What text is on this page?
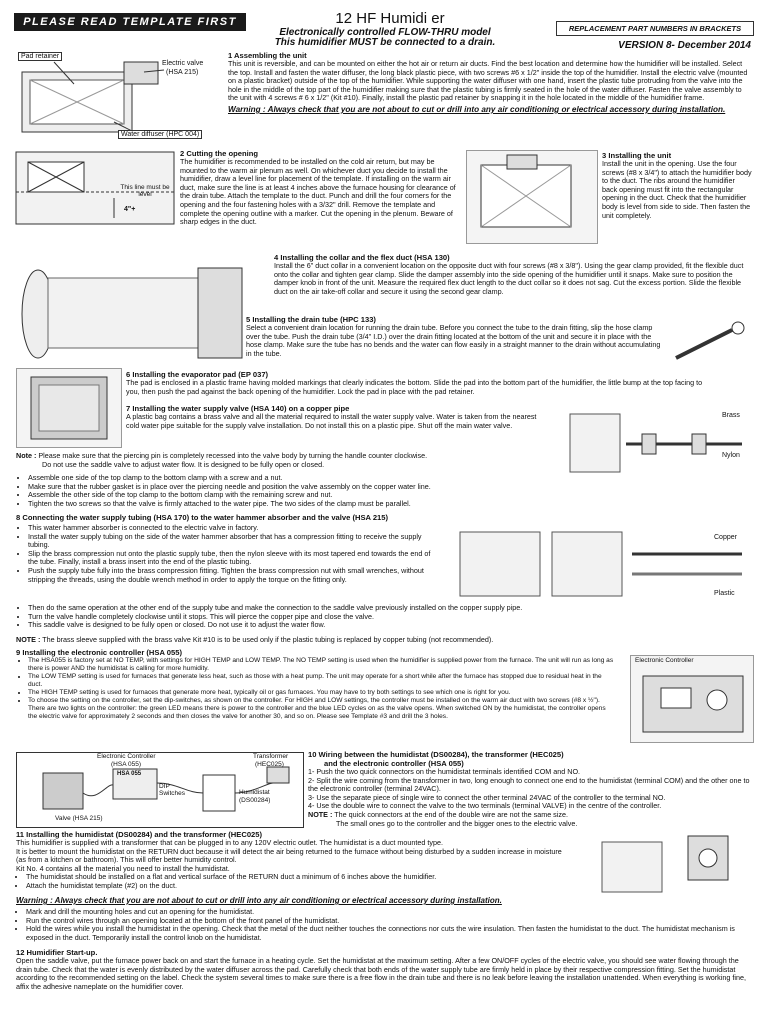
PLEASE READ TEMPLATE FIRST	12 HF Humidi er
Electronically controlled FLOW-THRU model
This humidifier MUST be connected to a drain.
REPLACEMENT PART NUMBERS IN BRACKETS
VERSION 8- December 2014
Pad retainer
Electric valve
(HSA 215)
Water diffuser (HPC 004)

1 Assembling the unit

This unit is reversible, and can be mounted on either the hot air or return air ducts. Find the best location and determine how the humidifier will be installed. Select the top. Install and fasten the water diffuser, the long black plastic piece, with two screws #6 x 1/2" inside the top of the humidifier. Install the electric valve (mounted on a plastic bracket) outside of the top of the humidifier. While supporting the water diffuser with one hand, insert the plastic tube protruding from the valve into the hole in the middle of the top part of the humidifier making sure that the plastic tubing is firmly seated in the hole of the water diffuser. Fasten the valve assembly to the unit with 4 screws # 6 x 1/2" (Kit #10). Finally, install the plastic pad retainer by snapping it in the hole located in the middle of the humidifier frame.

Warning : Always check that you are not about to cut or drill into any air conditioning or electrical accessory during installation.
This line must be level
4"+

2 Cutting the opening

The humidifier is recommended to be installed on the cold air return, but may be mounted to the warm air plenum as well. On whichever duct you decide to install the humidifier, draw a level line for placement of the template. If installing on the warm air duct, make sure the line is at least 4 inches above the furnace housing for clearance of the drain tube. Attach the template to the duct. Punch and drill the four corners for the opening and the four fastening holes with a 3/32" drill. Remove the template and complete the opening outline with a marker. Cut the opening in the plenum. Beware of sharp edges in the duct.

3 Installing the unit

Install the unit in the opening. Use the four screws (#8 x 3/4") to attach the humidifier body to the duct. The ribs around the humidifier back opening must fit into the rectangular opening in the duct. Check that the humidifier body is level from side to side. Then fasten the unit completely.

4 Installing the collar and the flex duct (HSA 130)

Install the 6" duct collar in a convenient location on the opposite duct with four screws (#8 x 3/8"). Using the gear clamp provided, fit the flexible duct onto the collar and tighten gear clamp. Slide the damper assembly into the side opening of the humidifier until it snaps. Make sure to position the damper knob in front of the unit. Measure the required flex duct length to the duct collar so it does not sag. Cut the excess portion. Slide the flexible duct on the air take-off collar and secure it using the second gear clamp.

5 Installing the drain tube (HPC 133)

Select a convenient drain location for running the drain tube. Before you connect the tube to the drain fitting, slip the hose clamp over the tube. Push the drain tube (3/4" I.D.) over the drain fitting located at the bottom of the unit and secure it in place with the hose clamp. Make sure the tube has no bends and the water can flow easily in a straight manner to the drain without accumulating in the tube.

6 Installing the evaporator pad (EP 037)

The pad is enclosed in a plastic frame having molded markings that clearly indicates the bottom. Slide the pad into the bottom part of the humidifier, the little bump at the top facing to you, then push the pad against the back opening of the humidifier. Lock the pad in place with the pad retainer.

7 Installing the water supply valve (HSA 140) on a copper pipe

A plastic bag contains a brass valve and all the material required to install the water supply valve. Water is taken from the nearest cold water pipe suitable for the supply valve installation. Do not install this on a plastic pipe. Shut off the main water valve.

Brass
Nylon

Note : Please make sure that the piercing pin is completely recessed into the valve body by turning the handle counter clockwise.

Do not use the saddle valve to adjust water flow. It is designed to be fully open or closed.

• Assemble one side of the top clamp to the bottom clamp with a screw and a nut.
• Make sure that the rubber gasket is in place over the piercing needle and position the valve assembly on the copper water line.
• Assemble the other side of the top clamp to the bottom clamp with the remaining screw and nut.
• Tighten the two screws so that the valve is firmly attached to the water pipe. The two sides of the clamp must be parallel.

8 Connecting the water supply tubing (HSA 170) to the water hammer absorber and the valve (HSA 215)

• This water hammer absorber is connected to the electric valve in factory.
• Install the water supply tubing on the side of the water hammer absorber that has a compression fitting to receive the supply tubing.
• Slip the brass compression nut onto the plastic supply tube, then the nylon sleeve with its most tapered end towards the end of the tube. Finally, install a brass insert into the end of the plastic tubing.
• Push the supply tube fully into the brass compression fitting. Tighten the brass compression nut with small wrenches, without stripping the threads, using the double wrench method in order to apply the torque on the fitting only.
• Then do the same operation at the other end of the supply tube and make the connection to the saddle valve previously installed on the copper supply pipe.
• Turn the valve handle completely clockwise until it stops. This will pierce the copper pipe and close the valve.
• This saddle valve is designed to be fully open or closed. Do not use it to adjust the water flow.
Copper
Plastic

NOTE : The brass sleeve supplied with the brass valve Kit #10 is to be used only if the plastic tubing is replaced by copper tubing (not recommended).

9 Installing the electronic controller (HSA 055)

• The HSA055 is factory set at NO TEMP, with settings for HIGH TEMP and LOW TEMP. The NO TEMP setting is used when the humidifier is supplied power from the furnace. The unit will run as long as there is power AND the humidistat is calling for more humidity.
• The LOW TEMP setting is used for furnaces that generate less heat, such as those with a heat pump. The unit may operate for a short while after the furnace has stopped due to residual heat in the duct.
• The HIGH TEMP setting is used for furnaces that generate more heat, typically oil or gas furnaces. You may have to try both settings to see which one is right for you.
• To choose the setting on the controller, set the dip-switches, as shown on the controller. For HIGH and LOW settings, the controller must be installed on the warm air duct with two screws (#8 x ½"). There are two lights on the controller: the green LED means there is power to the controller and the blue LED cycles on as the valve opens. When switched ON by the humidistat, the controller opens the electric valve for approximately 2 seconds and then closes the valve for another 30, and so on. Please see Template #3 and drill the 3 holes.
Electronic Controller
Electronic Controller
(HSA 055)
HSA 055
DIP Switches
Transformer
(HEC025)
Humidistat
(DS00284)
Valve (HSA 215)

10 Wiring between the humidistat (DS00284), the transformer (HEC025)

and the electronic controller (HSA 055)

1- Push the two quick connectors on the humidistat terminals identified COM and NO.

2- Split the wire coming from the transformer in two, long enough to connect one end to the humidistat (terminal COM) and the other one to the electronic controller (terminal 24VAC).

3- Use the separate piece of single wire to connect the other terminal 24VAC of the controller to the terminal NO.

4- Use the double wire to connect the valve to the two terminals (terminal VALVE) in the centre of the controller.

NOTE : The quick connectors at the end of the double wire are not the same size.

The small ones go to the controller and the bigger ones to the electric valve.

11 Installing the humidistat (DS00284) and the transformer (HEC025)

This humidifier is supplied with a transformer that can be plugged in to any 120V electric outlet. The humidistat is a duct mounted type.

It is better to mount the humidistat on the RETURN duct because it will detect the air being returned to the furnace without being disturbed by a sudden increase in moisture (as from a kitchen or bathroom). This will offer better humidity control.

Kit No. 4 contains all the material you need to install the humidistat.

• The humidistat should be installed on a flat and vertical surface of the RETURN duct a minimum of 6 inches above the humidifier.
• Attach the humidistat template (#2) on the duct.
Warning : Always check that you are not about to cut or drill into any air conditioning or electrical accessory during installation.
• Mark and drill the mounting holes and cut an opening for the humidistat.
• Run the control wires through an opening located at the bottom of the front panel of the humidistat.
• Hold the wires while you install the humidistat in the opening. Check that the metal of the duct neither touches the connections nor cuts the wire insulation. Then fasten the humidistat to the duct. The humidistat mechanism is exposed in the duct. Temporarily install the control knob on the humidistat.

12 Humidifier Start-up.

Open the saddle valve, put the furnace power back on and start the furnace in a heating cycle. Set the humidistat at the maximum setting. After a few ON/OFF cycles of the electric valve, you should see water flowing through the drain tube. Check that the water is evenly distributed by the water diffuser across the pad. Carefully check that both ends of the water supply tube are firmly held in place by their respective compression fitting. Set the humidistat according to the recommended setting on the label. Check the system several times to make sure there is a free flow in the drain tube and there is no leak before leaving the installation unattended. When everything is working fine, affix the adhesive nameplate on the humidifier cover.
